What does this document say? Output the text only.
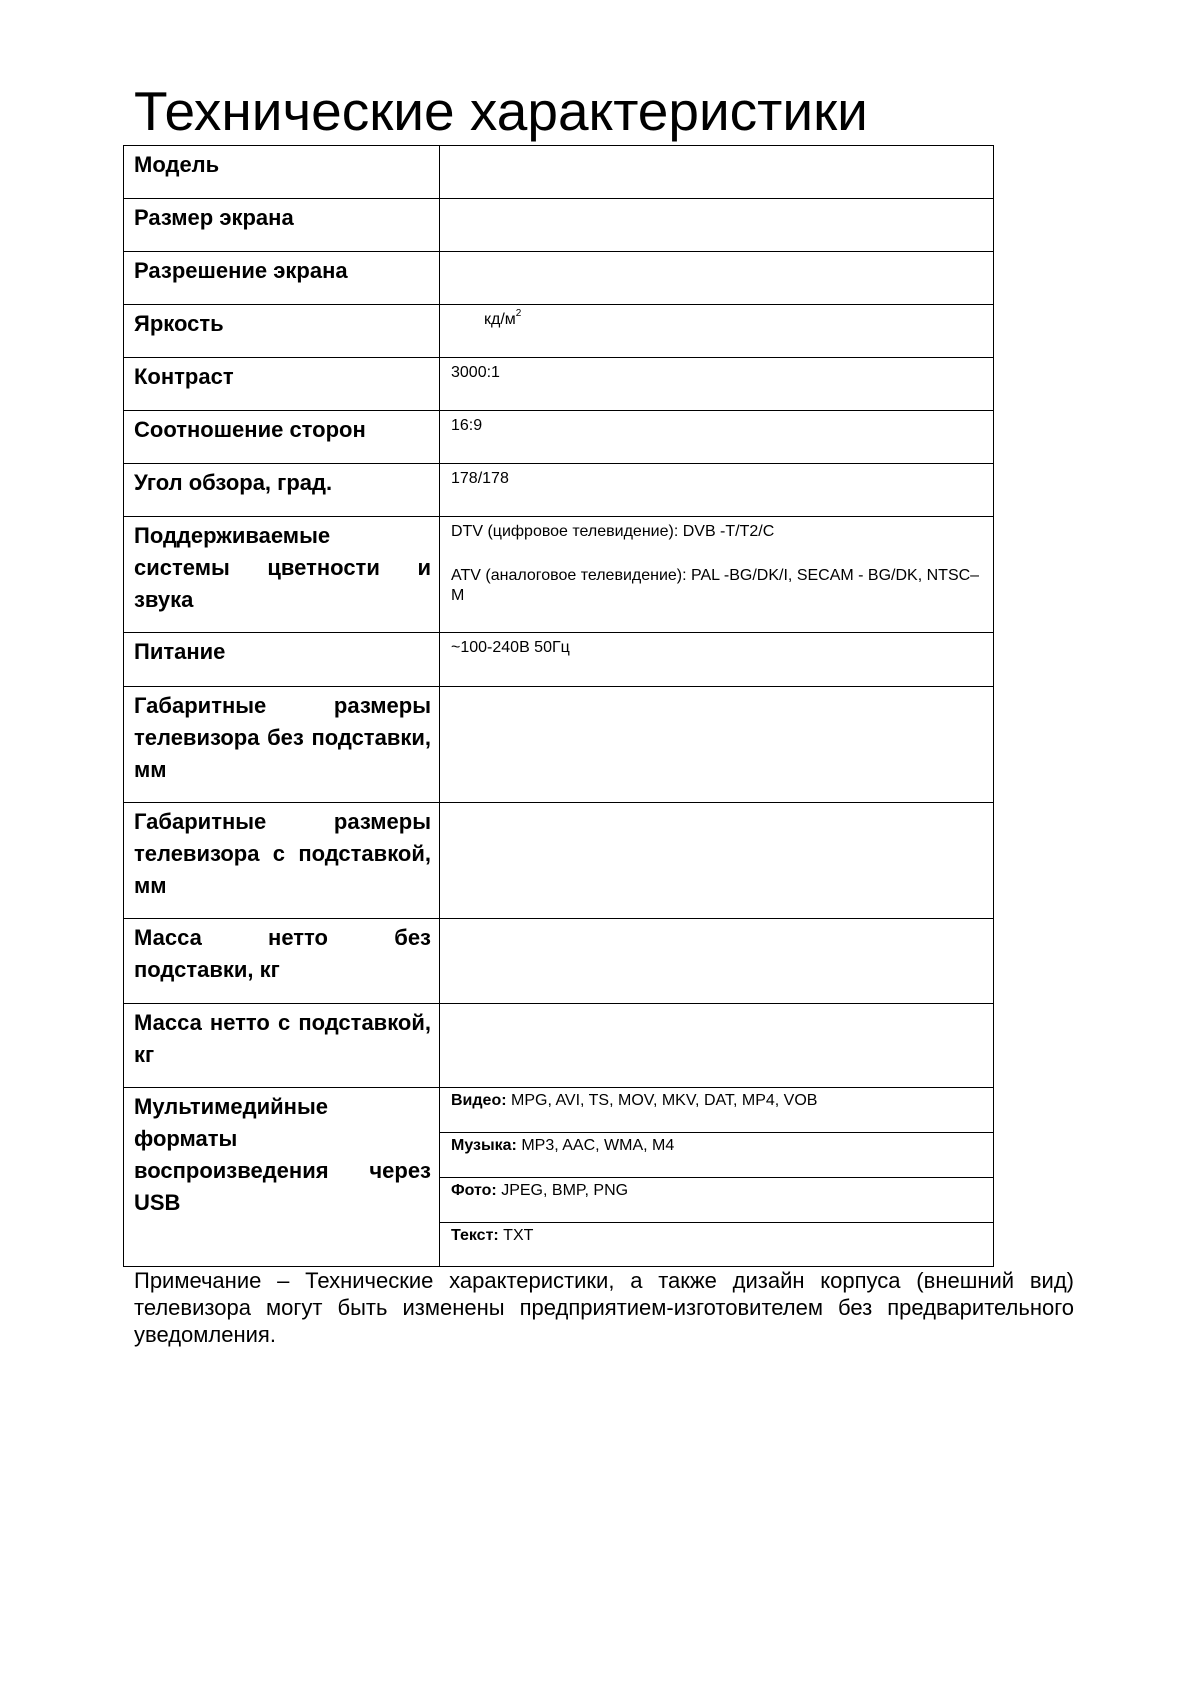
Технические характеристики
Модель	
Размер экрана	
Разрешение экрана	
Яркость	$кд/м^2$
Контраст	3000:1
Соотношение сторон	16:9
Угол обзора, град.	178/178
Поддерживаемые системы цветности и звука	DTV (цифровое телевидение): DVB -T/T2/C
ATV (аналоговое телевидение): PAL -BG/DK/I, SECAM - BG/DK, NTSC–M

Питание	~100-240В 50Гц
Габаритные размеры телевизора без подставки, мм	
Габаритные размеры телевизора с подставкой, мм	
Масса нетто без подставки, кг	
Масса нетто с подставкой, кг	
Мультимедийные форматы воспроизведения через USB	Видео: MPG, AVI, TS, MOV, MKV, DAT, MP4, VOB
	Музыка: MP3, AAC, WMA, M4
	Фото: JPEG, BMP, PNG
	Текст: TXT

Примечание – Технические характеристики, а также дизайн корпуса (внешний вид) телевизора могут быть изменены предприятием-изготовителем без предварительного уведомления.
